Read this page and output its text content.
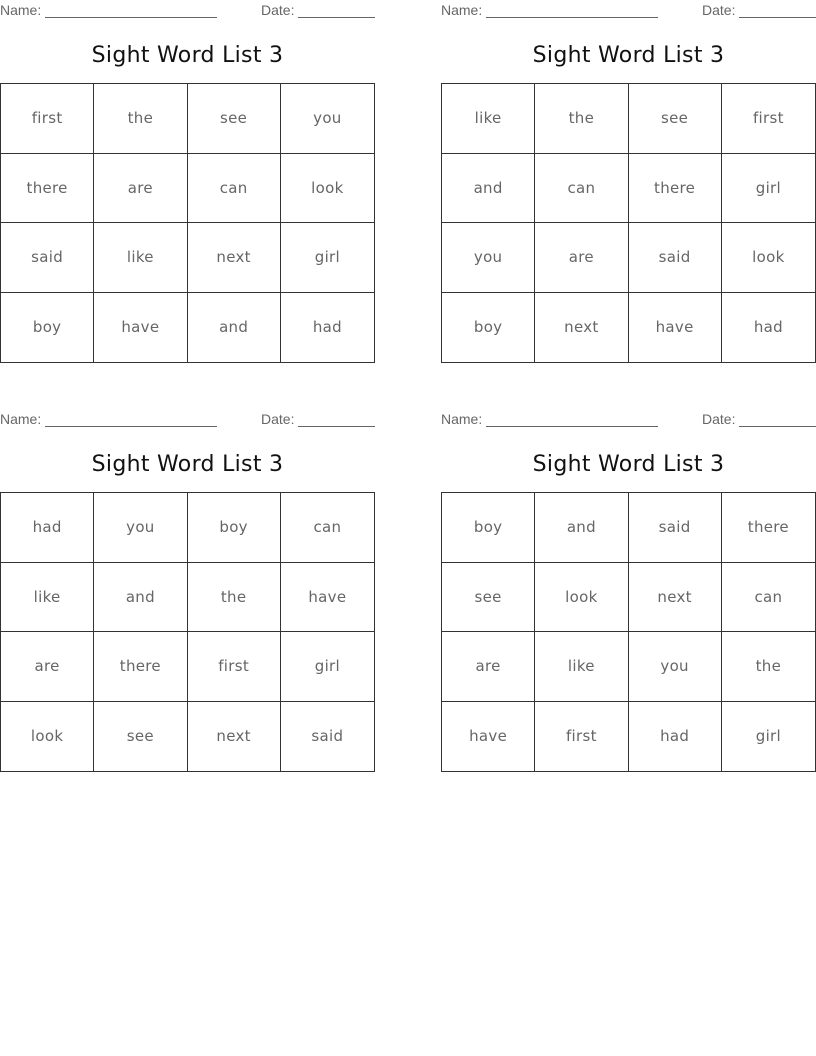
Name:	Date:
Sight Word List 3
first	the	see	you
there	are	can	look
said	like	next	girl
boy	have	and	had
Name:	Date:
Sight Word List 3
like	the	see	first
and	can	there	girl
you	are	said	look
boy	next	have	had
Name:	Date:
Sight Word List 3
had	you	boy	can
like	and	the	have
are	there	first	girl
look	see	next	said
Name:	Date:
Sight Word List 3
boy	and	said	there
see	look	next	can
are	like	you	the
have	first	had	girl
